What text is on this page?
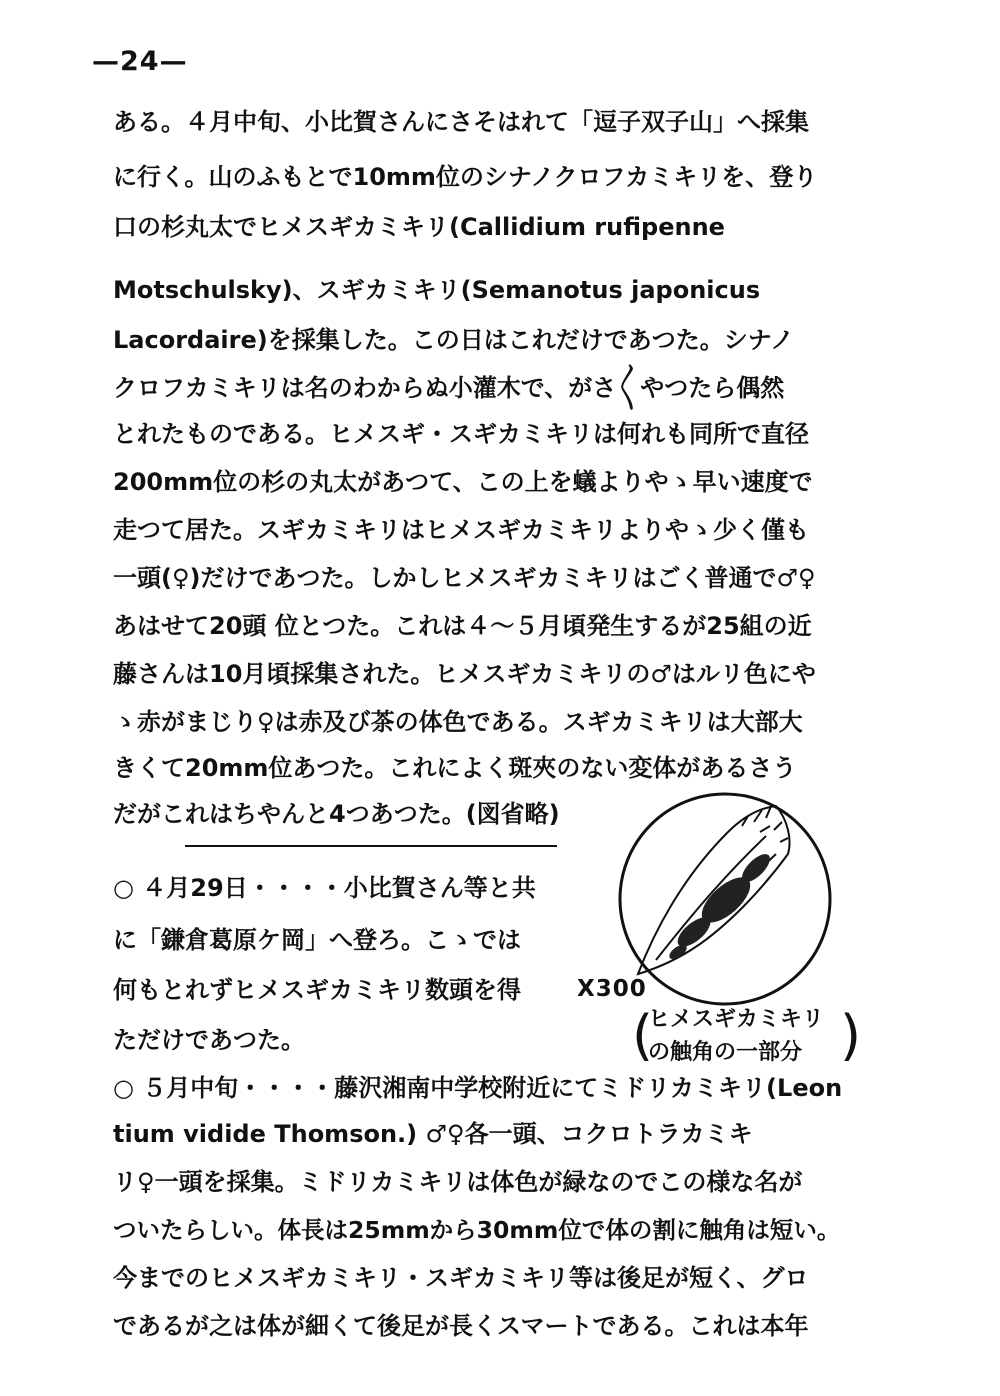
—24—

ある。４月中旬、小比賀さんにさそはれて「逗子双子山」へ採集

に行く。山のふもとで10mm位のシナノクロフカミキリを、登り

口の杉丸太でヒメスギカミキリ(Callidium rufipenne

Motschulsky)、スギカミキリ(Semanotus japonicus

Lacordaire)を採集した。この日はこれだけであつた。シナノ

クロフカミキリは名のわからぬ小灌木で、がさ〳〵やつたら偶然

とれたものである。ヒメスギ・スギカミキリは何れも同所で直径

200mm位の杉の丸太があつて、この上を蟻よりやゝ早い速度で

走つて居た。スギカミキリはヒメスギカミキリよりやゝ少く僅も

一頭(♀)だけであつた。しかしヒメスギカミキリはごく普通で♂♀

あはせて20頭 位とつた。これは４〜５月頃発生するが25組の近

藤さんは10月頃採集された。ヒメスギカミキリの♂はルリ色にや

ゝ赤がまじり♀は赤及び茶の体色である。スギカミキリは大部大

きくて20mm位あつた。これによく斑夾のない変体があるさう

だがこれはちやんと4つあつた。(図省略)

○ ４月29日・・・・小比賀さん等と共

に「鎌倉葛原ケ岡」へ登ろ。こゝでは

何もとれずヒメスギカミキリ数頭を得

ただけであつた。

X300
(
ヒメスギカミキリ
の触角の一部分 )

○ ５月中旬・・・・藤沢湘南中学校附近にてミドリカミキリ(Leon

tium vidide Thomson.) ♂♀各一頭、コクロトラカミキ

リ♀一頭を採集。ミドリカミキリは体色が緑なのでこの様な名が

ついたらしい。体長は25mmから30mm位で体の割に触角は短い。

今までのヒメスギカミキリ・スギカミキリ等は後足が短く、グロ

であるが之は体が細くて後足が長くスマートである。これは本年
